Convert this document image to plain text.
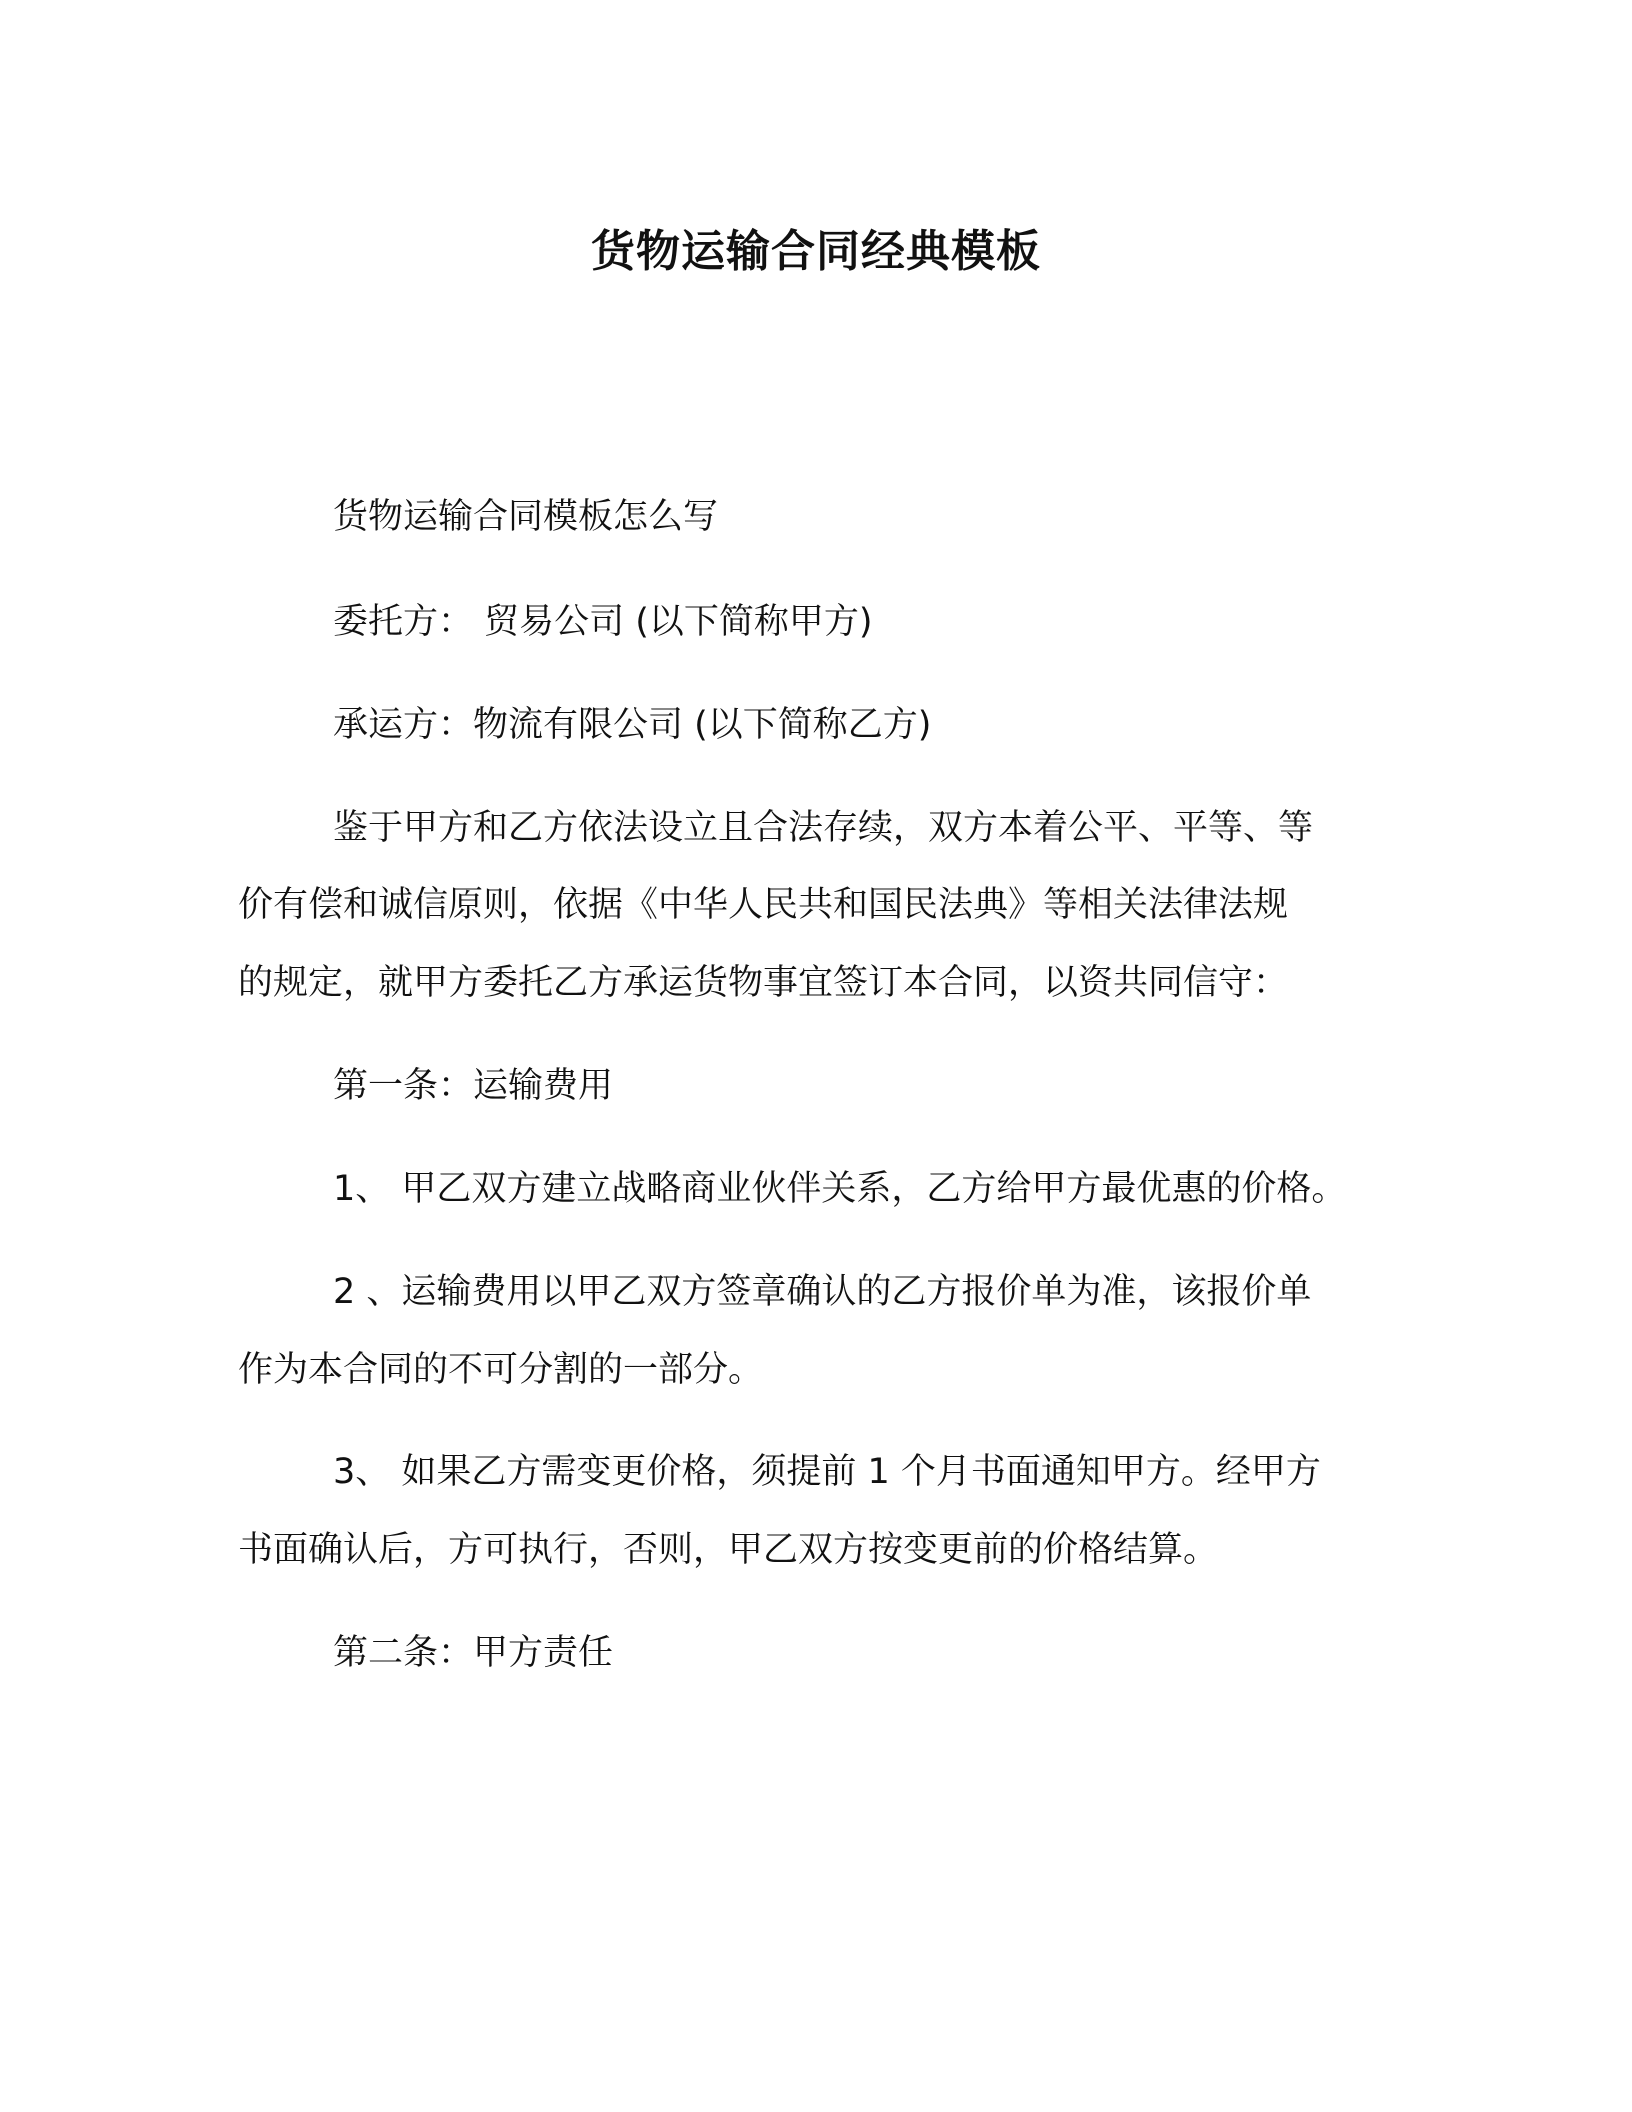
货物运输合同经典模板
货物运输合同模板怎么写
委托方： 贸易公司 (以下简称甲方)
承运方：物流有限公司 (以下简称乙方)
鉴于甲方和乙方依法设立且合法存续，双方本着公平、平等、等
价有偿和诚信原则，依据《中华人民共和国民法典》等相关法律法规
的规定，就甲方委托乙方承运货物事宜签订本合同，以资共同信守：
第一条：运输费用
1、 甲乙双方建立战略商业伙伴关系，乙方给甲方最优惠的价格。
2 、运输费用以甲乙双方签章确认的乙方报价单为准，该报价单
作为本合同的不可分割的一部分。
3、 如果乙方需变更价格，须提前 1 个月书面通知甲方。经甲方
书面确认后，方可执行，否则，甲乙双方按变更前的价格结算。
第二条：甲方责任
